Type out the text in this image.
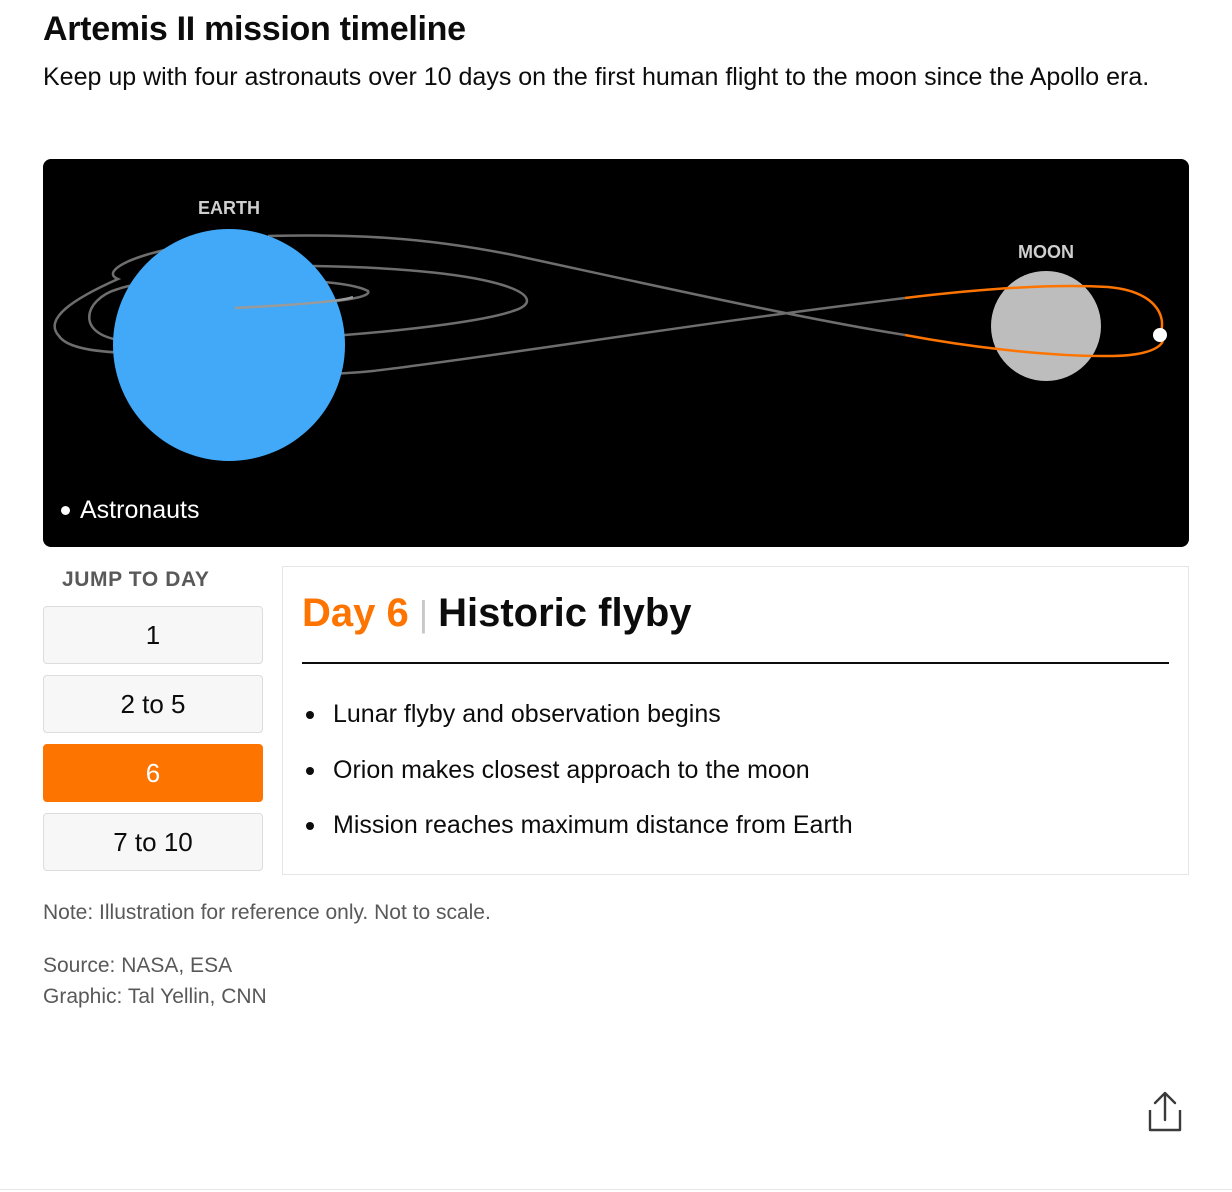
Artemis II mission timeline

Keep up with four astronauts over 10 days on the first human flight to the moon since the Apollo era.

EARTH
MOON
Astronauts
JUMP TO DAY
1
2 to 5
6
7 to 10
Day 6 | Historic flyby
Lunar flyby and observation begins
Orion makes closest approach to the moon
Mission reaches maximum distance from Earth
Note: Illustration for reference only. Not to scale.
Source: NASA, ESA
Graphic: Tal Yellin, CNN
